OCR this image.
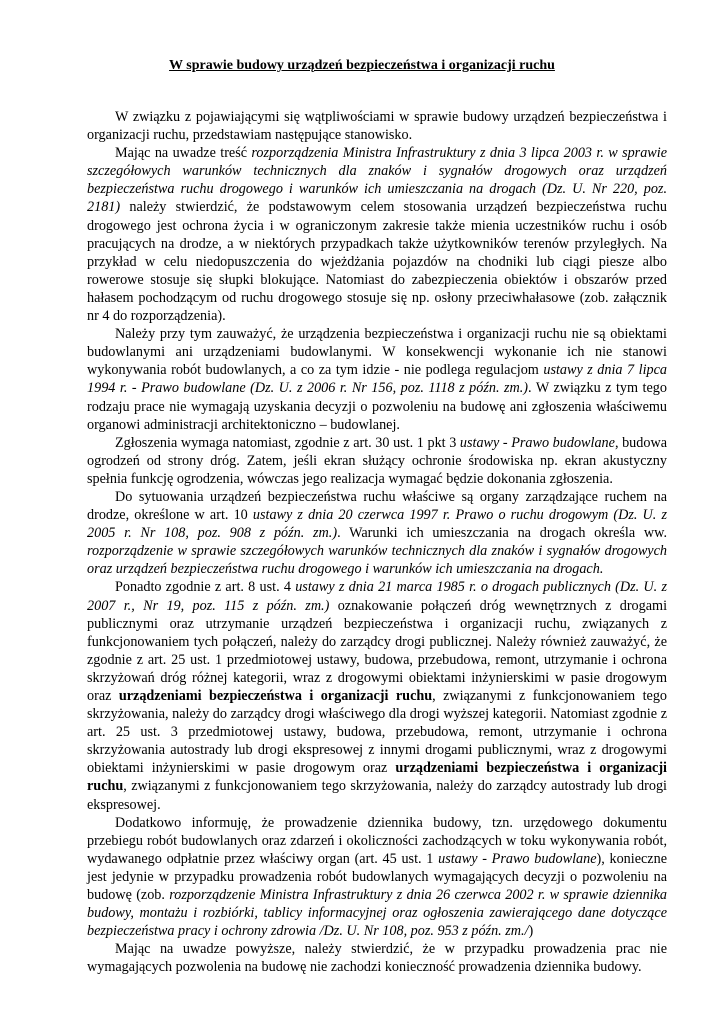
W sprawie budowy urządzeń bezpieczeństwa i organizacji ruchu

W związku z pojawiającymi się wątpliwościami w sprawie budowy urządzeń bezpieczeństwa i organizacji ruchu, przedstawiam następujące stanowisko.

Mając na uwadze treść rozporządzenia Ministra Infrastruktury z dnia 3 lipca 2003 r. w sprawie szczegółowych warunków technicznych dla znaków i sygnałów drogowych oraz urządzeń bezpieczeństwa ruchu drogowego i warunków ich umieszczania na drogach (Dz. U. Nr 220, poz. 2181) należy stwierdzić, że podstawowym celem stosowania urządzeń bezpieczeństwa ruchu drogowego jest ochrona życia i w ograniczonym zakresie także mienia uczestników ruchu i osób pracujących na drodze, a w niektórych przypadkach także użytkowników terenów przyległych. Na przykład w celu niedopuszczenia do wjeżdżania pojazdów na chodniki lub ciągi piesze albo rowerowe stosuje się słupki blokujące. Natomiast do zabezpieczenia obiektów i obszarów przed hałasem pochodzącym od ruchu drogowego stosuje się np. osłony przeciwhałasowe (zob. załącznik nr 4 do rozporządzenia).

Należy przy tym zauważyć, że urządzenia bezpieczeństwa i organizacji ruchu nie są obiektami budowlanymi ani urządzeniami budowlanymi. W konsekwencji wykonanie ich nie stanowi wykonywania robót budowlanych, a co za tym idzie - nie podlega regulacjom ustawy z dnia 7 lipca 1994 r. - Prawo budowlane (Dz. U. z 2006 r. Nr 156, poz. 1118 z późn. zm.). W związku z tym tego rodzaju prace nie wymagają uzyskania decyzji o pozwoleniu na budowę ani zgłoszenia właściwemu organowi administracji architektoniczno – budowlanej.

Zgłoszenia wymaga natomiast, zgodnie z art. 30 ust. 1 pkt 3 ustawy - Prawo budowlane, budowa ogrodzeń od strony dróg. Zatem, jeśli ekran służący ochronie środowiska np. ekran akustyczny spełnia funkcję ogrodzenia, wówczas jego realizacja wymagać będzie dokonania zgłoszenia.

Do sytuowania urządzeń bezpieczeństwa ruchu właściwe są organy zarządzające ruchem na drodze, określone w art. 10 ustawy z dnia 20 czerwca 1997 r. Prawo o ruchu drogowym (Dz. U. z 2005 r. Nr 108, poz. 908 z późn. zm.). Warunki ich umieszczania na drogach określa ww. rozporządzenie w sprawie szczegółowych warunków technicznych dla znaków i sygnałów drogowych oraz urządzeń bezpieczeństwa ruchu drogowego i warunków ich umieszczania na drogach.

Ponadto zgodnie z art. 8 ust. 4 ustawy z dnia 21 marca 1985 r. o drogach publicznych (Dz. U. z 2007 r., Nr 19, poz. 115 z późn. zm.) oznakowanie połączeń dróg wewnętrznych z drogami publicznymi oraz utrzymanie urządzeń bezpieczeństwa i organizacji ruchu, związanych z funkcjonowaniem tych połączeń, należy do zarządcy drogi publicznej. Należy również zauważyć, że zgodnie z art. 25 ust. 1 przedmiotowej ustawy, budowa, przebudowa, remont, utrzymanie i ochrona skrzyżowań dróg różnej kategorii, wraz z drogowymi obiektami inżynierskimi w pasie drogowym oraz urządzeniami bezpieczeństwa i organizacji ruchu, związanymi z funkcjonowaniem tego skrzyżowania, należy do zarządcy drogi właściwego dla drogi wyższej kategorii. Natomiast zgodnie z art. 25 ust. 3 przedmiotowej ustawy, budowa, przebudowa, remont, utrzymanie i ochrona skrzyżowania autostrady lub drogi ekspresowej z innymi drogami publicznymi, wraz z drogowymi obiektami inżynierskimi w pasie drogowym oraz urządzeniami bezpieczeństwa i organizacji ruchu, związanymi z funkcjonowaniem tego skrzyżowania, należy do zarządcy autostrady lub drogi ekspresowej.

Dodatkowo informuję, że prowadzenie dziennika budowy, tzn. urzędowego dokumentu przebiegu robót budowlanych oraz zdarzeń i okoliczności zachodzących w toku wykonywania robót, wydawanego odpłatnie przez właściwy organ (art. 45 ust. 1 ustawy - Prawo budowlane), konieczne jest jedynie w przypadku prowadzenia robót budowlanych wymagających decyzji o pozwoleniu na budowę (zob. rozporządzenie Ministra Infrastruktury z dnia 26 czerwca 2002 r. w sprawie dziennika budowy, montażu i rozbiórki, tablicy informacyjnej oraz ogłoszenia zawierającego dane dotyczące bezpieczeństwa pracy i ochrony zdrowia /Dz. U. Nr 108, poz. 953 z późn. zm./)

Mając na uwadze powyższe, należy stwierdzić, że w przypadku prowadzenia prac nie wymagających pozwolenia na budowę nie zachodzi konieczność prowadzenia dziennika budowy.
